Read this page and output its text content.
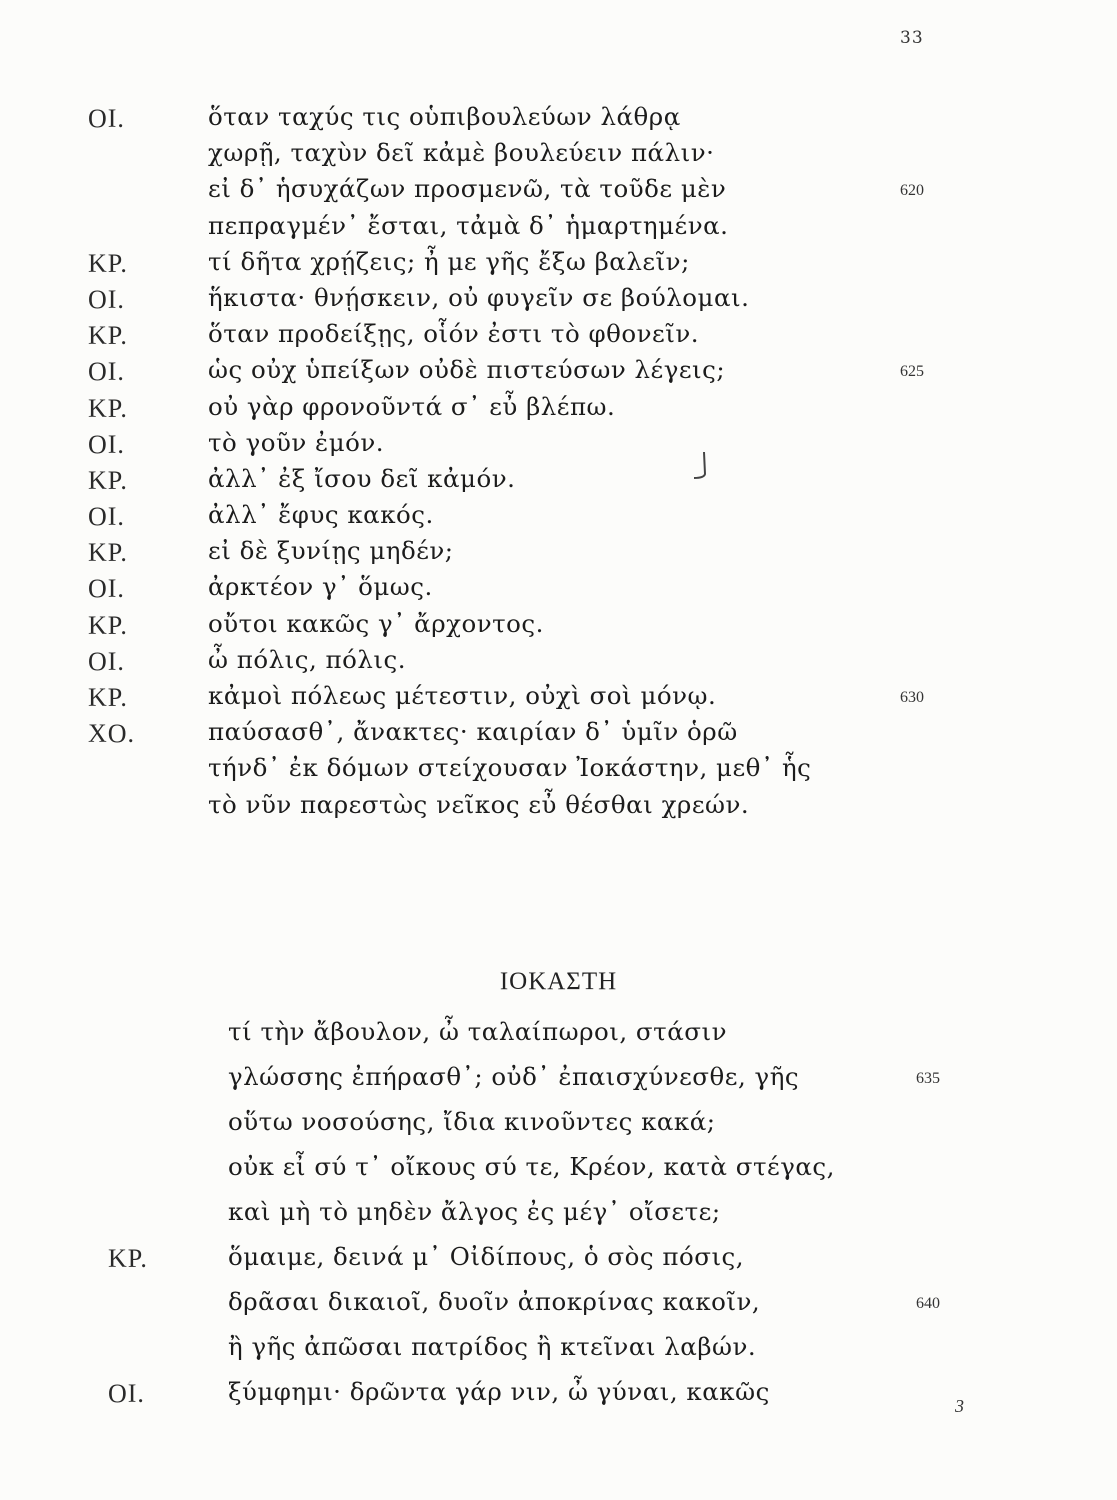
33
ΟΙ.	ὅταν ταχύς τις οὑπιβουλεύων λάθρᾳ
χωρῇ, ταχὺν δεῖ κἀμὲ βουλεύειν πάλιν·
εἰ δ᾽ ἡσυχάζων προσμενῶ, τὰ τοῦδε μὲν	620
πεπραγμέν᾽ ἔσται, τἀμὰ δ᾽ ἡμαρτημένα.
ΚΡ.	τί δῆτα χρῄζεις; ἦ με γῆς ἔξω βαλεῖν;
ΟΙ.	ἥκιστα· θνῄσκειν, οὐ φυγεῖν σε βούλομαι.
ΚΡ.	ὅταν προδείξῃς, οἷόν ἐστι τὸ φθονεῖν.
ΟΙ.	ὡς οὐχ ὑπείξων οὐδὲ πιστεύσων λέγεις;	625
ΚΡ.	οὐ γὰρ φρονοῦντά σ᾽ εὖ βλέπω.
ΟΙ.	τὸ γοῦν ἐμόν.
ΚΡ.	ἀλλ᾽ ἐξ ἴσου δεῖ κἀμόν.
ΟΙ.	ἀλλ᾽ ἔφυς κακός.
ΚΡ.	εἰ δὲ ξυνίῃς μηδέν;
ΟΙ.	ἀρκτέον γ᾽ ὅμως.
ΚΡ.	οὔτοι κακῶς γ᾽ ἄρχοντος.
ΟΙ.	ὦ πόλις, πόλις.
ΚΡ.	κἀμοὶ πόλεως μέτεστιν, οὐχὶ σοὶ μόνῳ.	630
ΧΟ.	παύσασθ᾽, ἄνακτες· καιρίαν δ᾽ ὑμῖν ὁρῶ
τήνδ᾽ ἐκ δόμων στείχουσαν Ἰοκάστην, μεθ᾽ ἧς
τὸ νῦν παρεστὼς νεῖκος εὖ θέσθαι χρεών.
ΙΟΚΑΣΤΗ
τί τὴν ἄβουλον, ὦ ταλαίπωροι, στάσιν
γλώσσης ἐπήρασθ᾽; οὐδ᾽ ἐπαισχύνεσθε, γῆς	635
οὕτω νοσούσης, ἴδια κινοῦντες κακά;
οὐκ εἶ σύ τ᾽ οἴκους σύ τε, Κρέον, κατὰ στέγας,
καὶ μὴ τὸ μηδὲν ἄλγος ἐς μέγ᾽ οἴσετε;
ΚΡ.	ὅμαιμε, δεινά μ᾽ Οἰδίπους, ὁ σὸς πόσις,
δρᾶσαι δικαιοῖ, δυοῖν ἀποκρίνας κακοῖν,	640
ἢ γῆς ἀπῶσαι πατρίδος ἢ κτεῖναι λαβών.
ΟΙ.	ξύμφημι· δρῶντα γάρ νιν, ὦ γύναι, κακῶς	3
